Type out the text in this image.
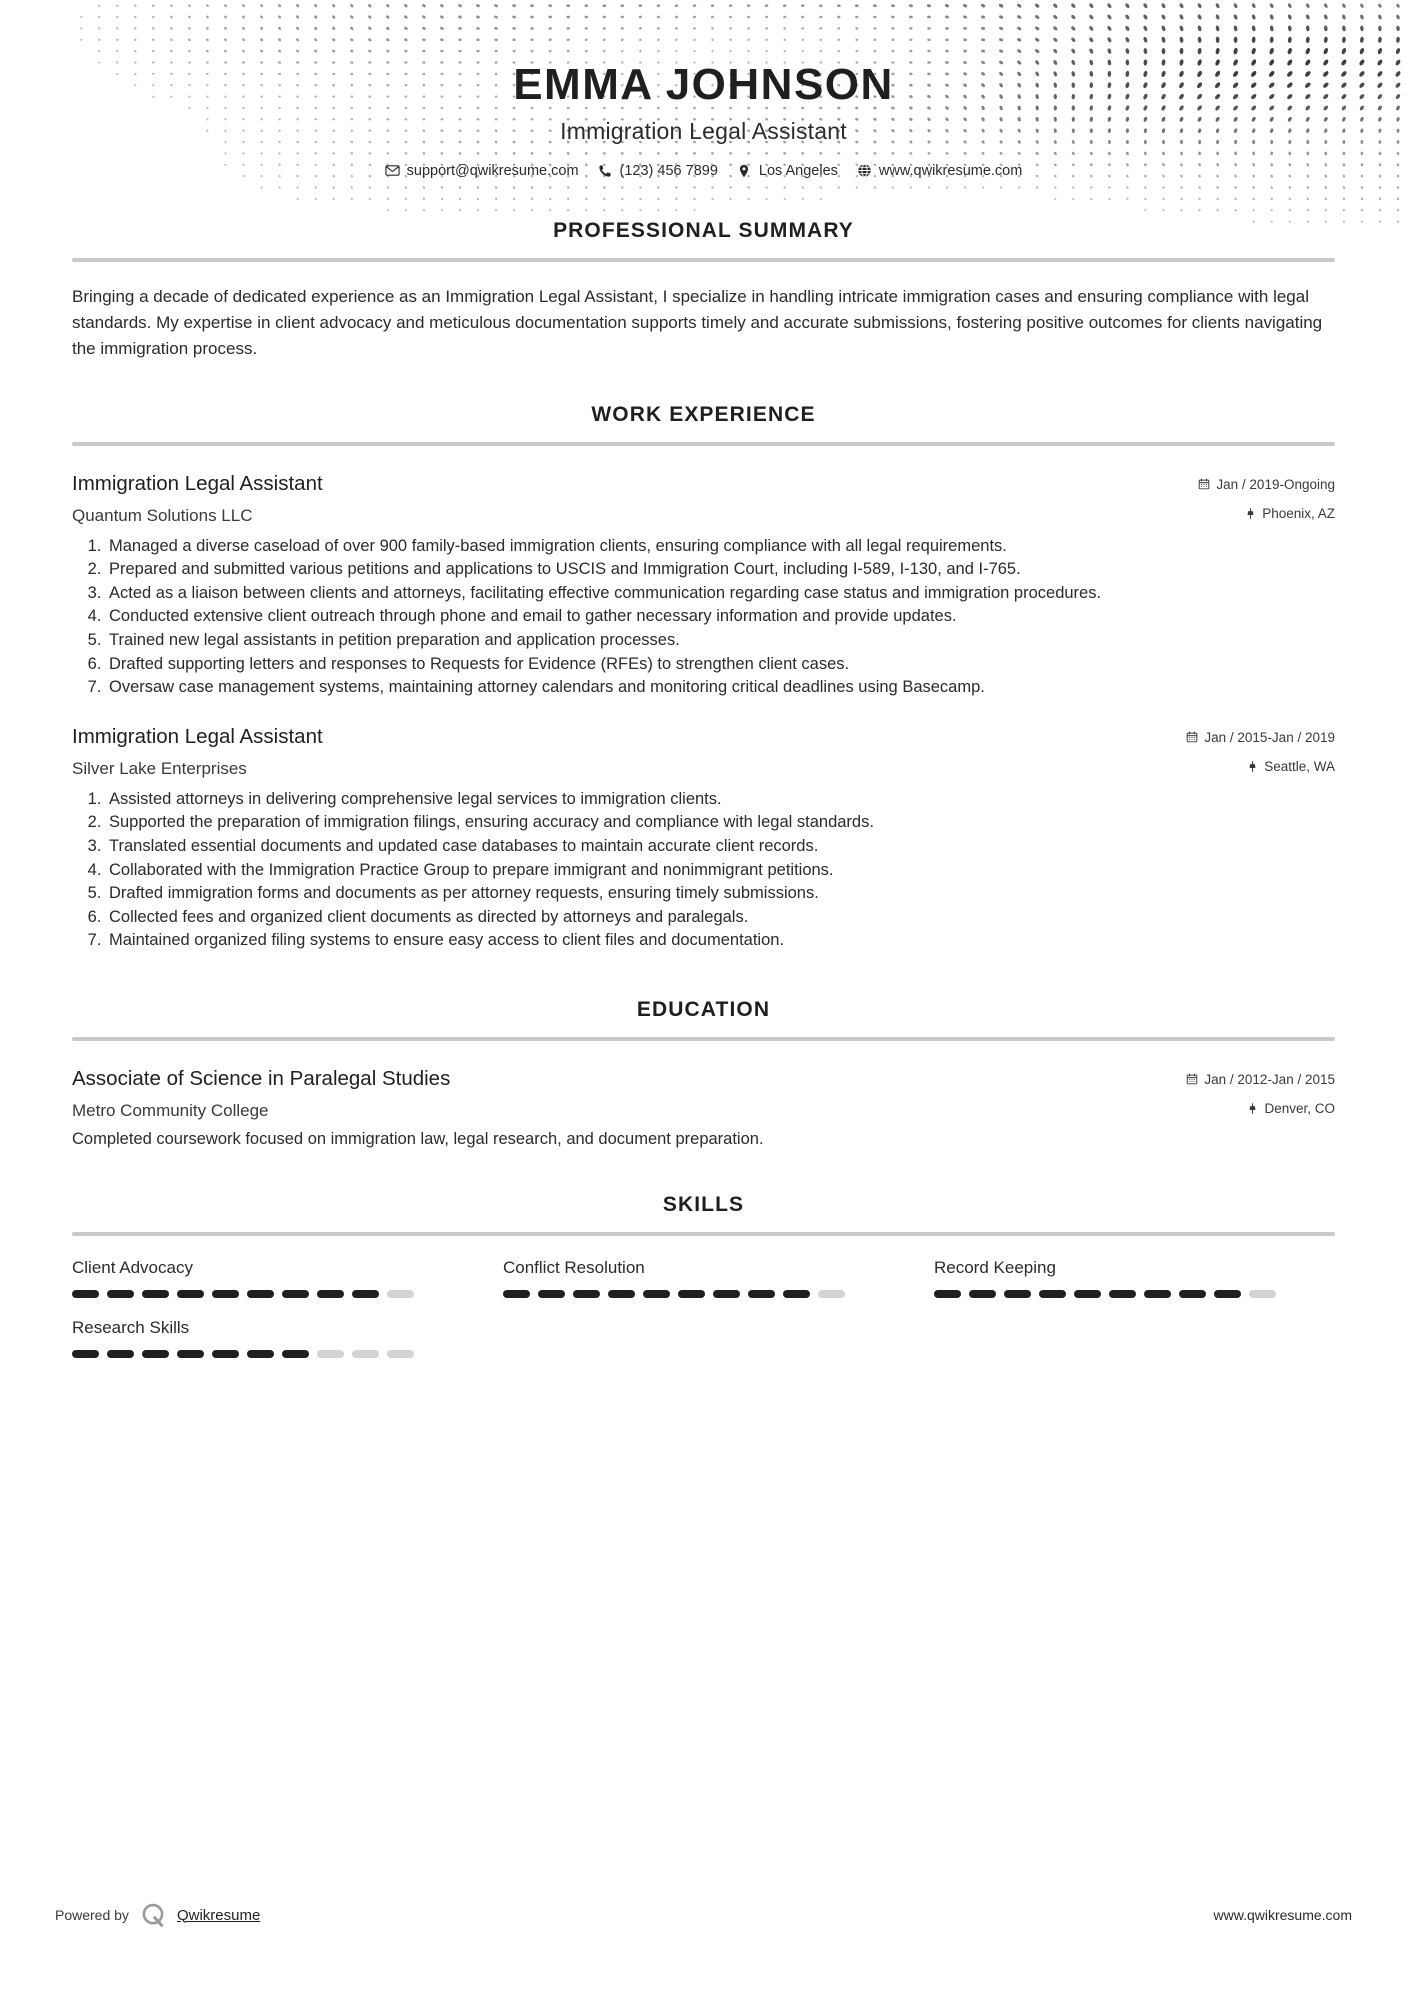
EMMA JOHNSON
Immigration Legal Assistant
support@qwikresume.com	(123) 456 7899	Los Angeles	www.qwikresume.com
PROFESSIONAL SUMMARY

Bringing a decade of dedicated experience as an Immigration Legal Assistant, I specialize in handling intricate immigration cases and ensuring compliance with legal standards. My expertise in client advocacy and meticulous documentation supports timely and accurate submissions, fostering positive outcomes for clients navigating the immigration process.

WORK EXPERIENCE
Immigration Legal Assistant
Quantum Solutions LLC
Jan / 2019-Ongoing
Phoenix, AZ
1. Managed a diverse caseload of over 900 family-based immigration clients, ensuring compliance with all legal requirements.
2. Prepared and submitted various petitions and applications to USCIS and Immigration Court, including I-589, I-130, and I-765.
3. Acted as a liaison between clients and attorneys, facilitating effective communication regarding case status and immigration procedures.
4. Conducted extensive client outreach through phone and email to gather necessary information and provide updates.
5. Trained new legal assistants in petition preparation and application processes.
6. Drafted supporting letters and responses to Requests for Evidence (RFEs) to strengthen client cases.
7. Oversaw case management systems, maintaining attorney calendars and monitoring critical deadlines using Basecamp.
Immigration Legal Assistant
Silver Lake Enterprises
Jan / 2015-Jan / 2019
Seattle, WA
1. Assisted attorneys in delivering comprehensive legal services to immigration clients.
2. Supported the preparation of immigration filings, ensuring accuracy and compliance with legal standards.
3. Translated essential documents and updated case databases to maintain accurate client records.
4. Collaborated with the Immigration Practice Group to prepare immigrant and nonimmigrant petitions.
5. Drafted immigration forms and documents as per attorney requests, ensuring timely submissions.
6. Collected fees and organized client documents as directed by attorneys and paralegals.
7. Maintained organized filing systems to ensure easy access to client files and documentation.
EDUCATION
Associate of Science in Paralegal Studies
Metro Community College
Jan / 2012-Jan / 2015
Denver, CO
Completed coursework focused on immigration law, legal research, and document preparation.
SKILLS
Client Advocacy	Conflict Resolution	Record Keeping
Research Skills
Powered by	Qwikresume	www.qwikresume.com
